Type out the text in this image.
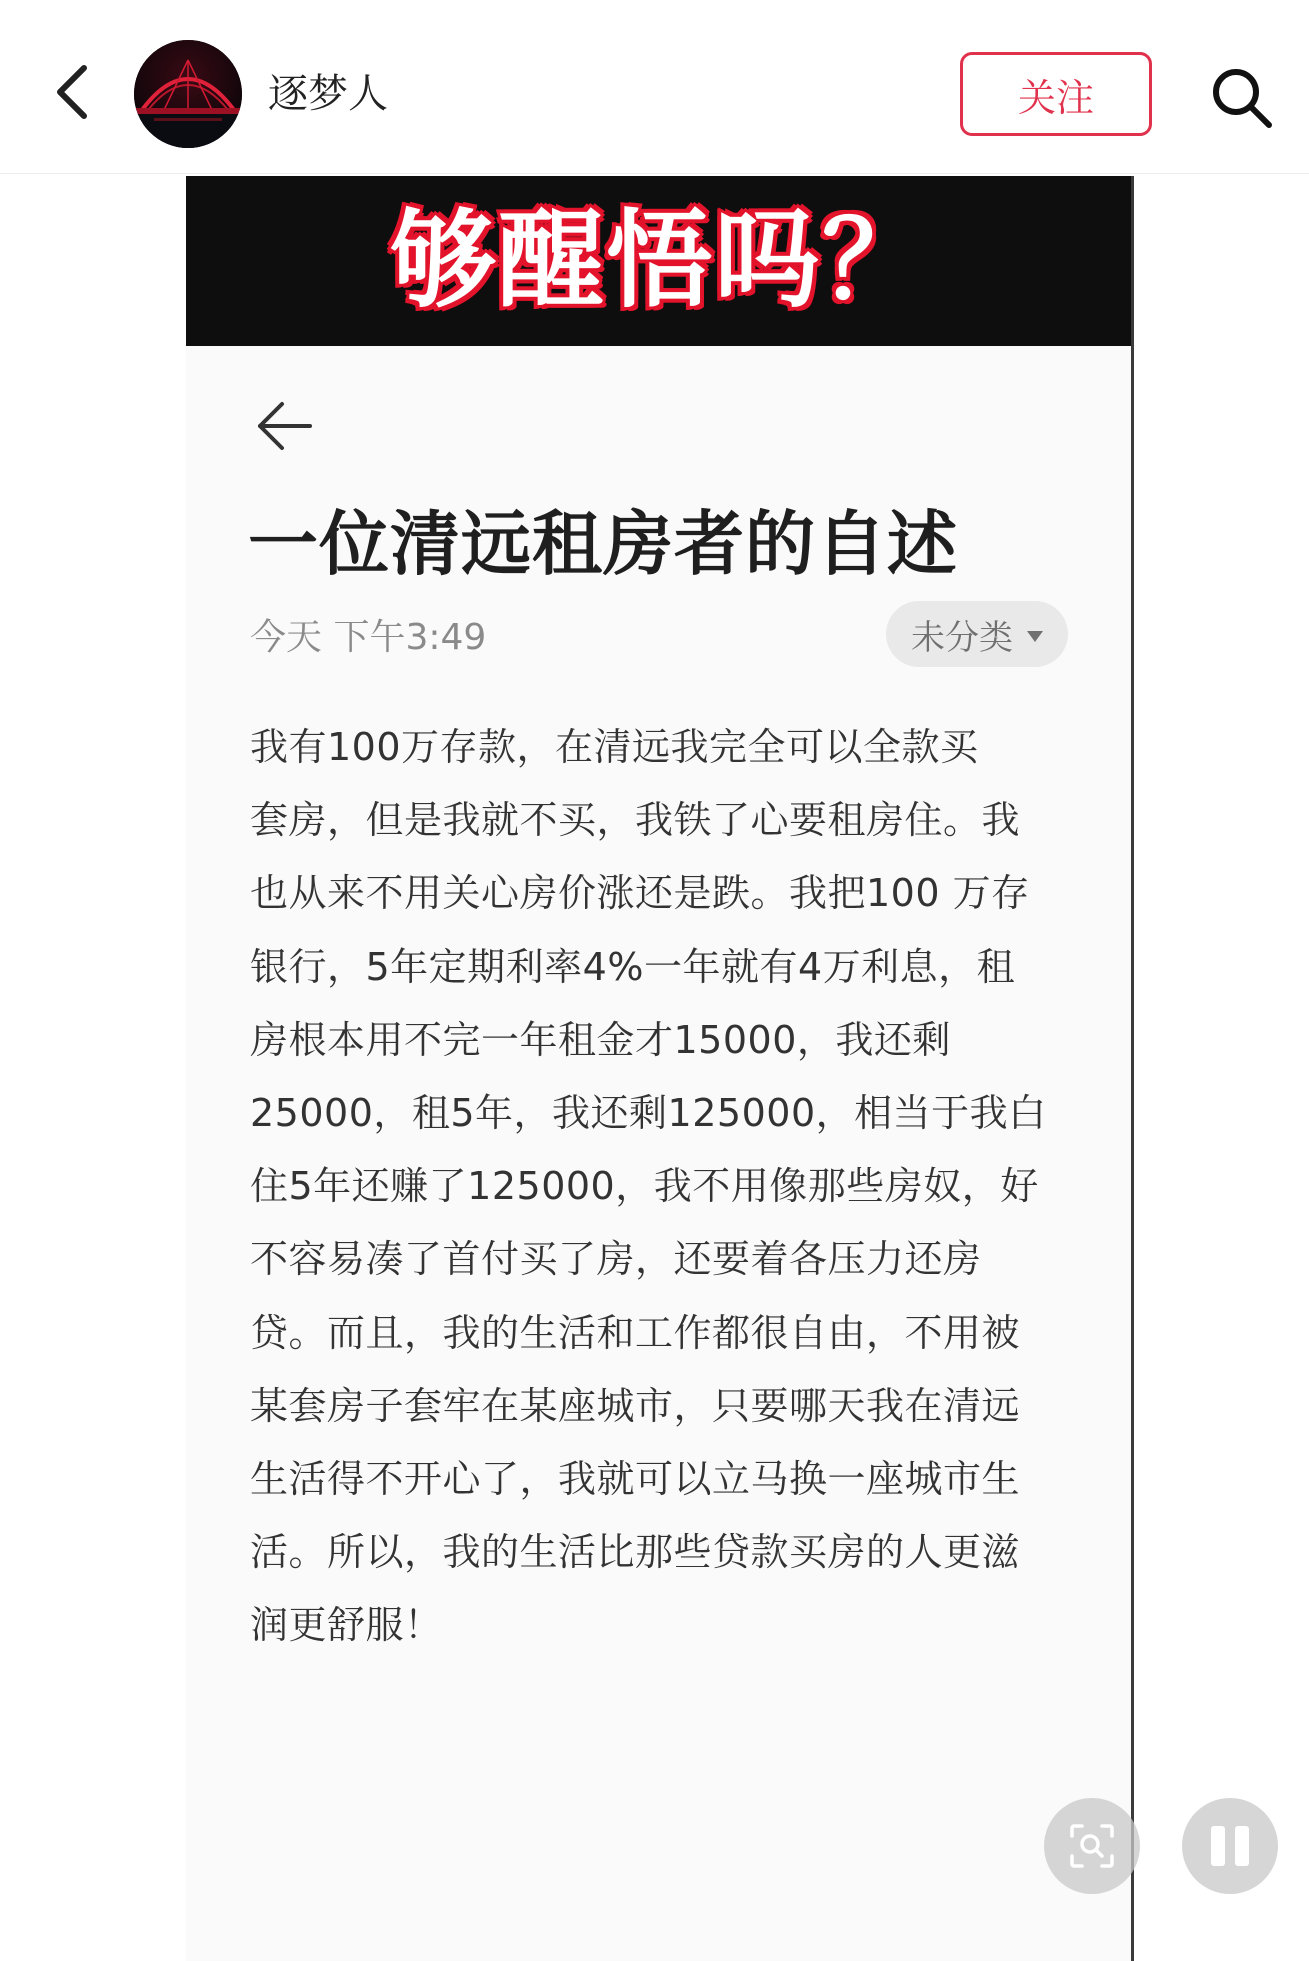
逐梦人	关注
够醒悟吗？
一位清远租房者的自述
今天 下午3:49	未分类
我有100万存款，在清远我完全可以全款买
套房，但是我就不买，我铁了心要租房住。我
也从来不用关心房价涨还是跌。我把100 万存
银行，5年定期利率4%一年就有4万利息，租
房根本用不完一年租金才15000，我还剩
25000，租5年，我还剩125000，相当于我白
住5年还赚了125000，我不用像那些房奴，好
不容易凑了首付买了房，还要着各压力还房
贷。而且，我的生活和工作都很自由，不用被
某套房子套牢在某座城市，只要哪天我在清远
生活得不开心了，我就可以立马换一座城市生
活。所以，我的生活比那些贷款买房的人更滋
润更舒服！
